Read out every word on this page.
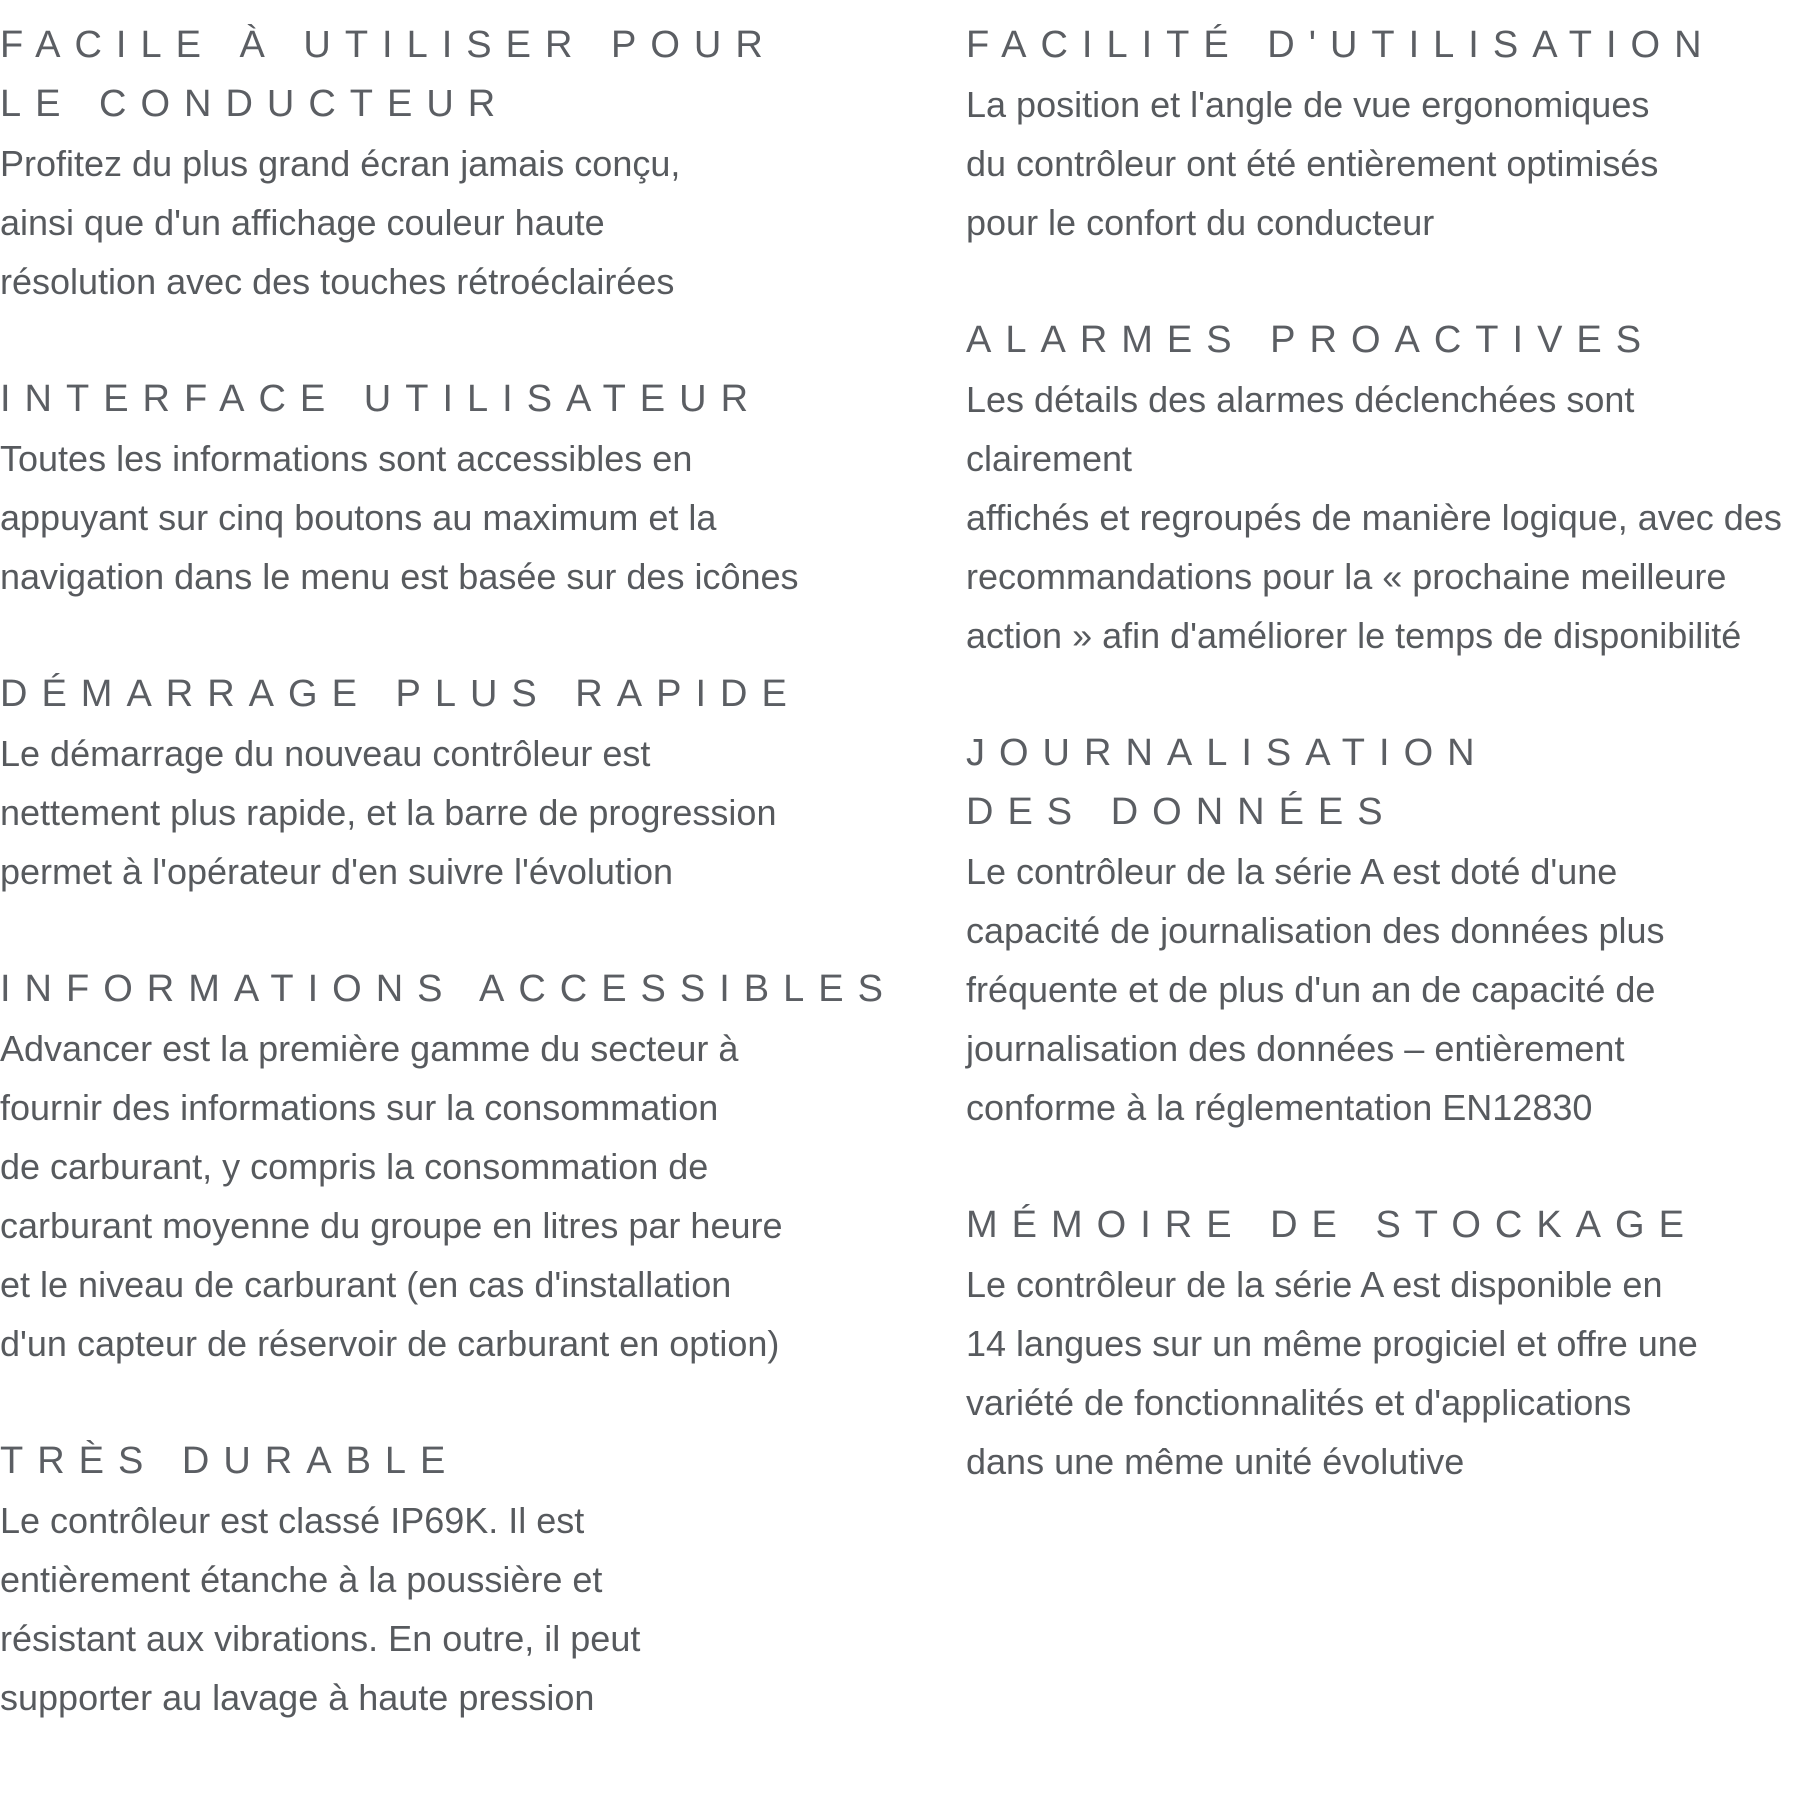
FACILE À UTILISER POUR
LE CONDUCTEUR

Profitez du plus grand écran jamais conçu,
ainsi que d'un affichage couleur haute
résolution avec des touches rétroéclairées

INTERFACE UTILISATEUR

Toutes les informations sont accessibles en
appuyant sur cinq boutons au maximum et la
navigation dans le menu est basée sur des icônes

DÉMARRAGE PLUS RAPIDE

Le démarrage du nouveau contrôleur est
nettement plus rapide, et la barre de progression
permet à l'opérateur d'en suivre l'évolution

INFORMATIONS ACCESSIBLES

Advancer est la première gamme du secteur à
fournir des informations sur la consommation
de carburant, y compris la consommation de
carburant moyenne du groupe en litres par heure
et le niveau de carburant (en cas d'installation
d'un capteur de réservoir de carburant en option)

TRÈS DURABLE

Le contrôleur est classé IP69K. Il est
entièrement étanche à la poussière et
résistant aux vibrations. En outre, il peut
supporter au lavage à haute pression

FACILITÉ D'UTILISATION

La position et l'angle de vue ergonomiques
du contrôleur ont été entièrement optimisés
pour le confort du conducteur

ALARMES PROACTIVES

Les détails des alarmes déclenchées sont clairement
affichés et regroupés de manière logique, avec des
recommandations pour la « prochaine meilleure
action » afin d'améliorer le temps de disponibilité

JOURNALISATION
DES DONNÉES

Le contrôleur de la série A est doté d'une
capacité de journalisation des données plus
fréquente et de plus d'un an de capacité de
journalisation des données – entièrement
conforme à la réglementation EN12830

MÉMOIRE DE STOCKAGE

Le contrôleur de la série A est disponible en
14 langues sur un même progiciel et offre une
variété de fonctionnalités et d'applications
dans une même unité évolutive
